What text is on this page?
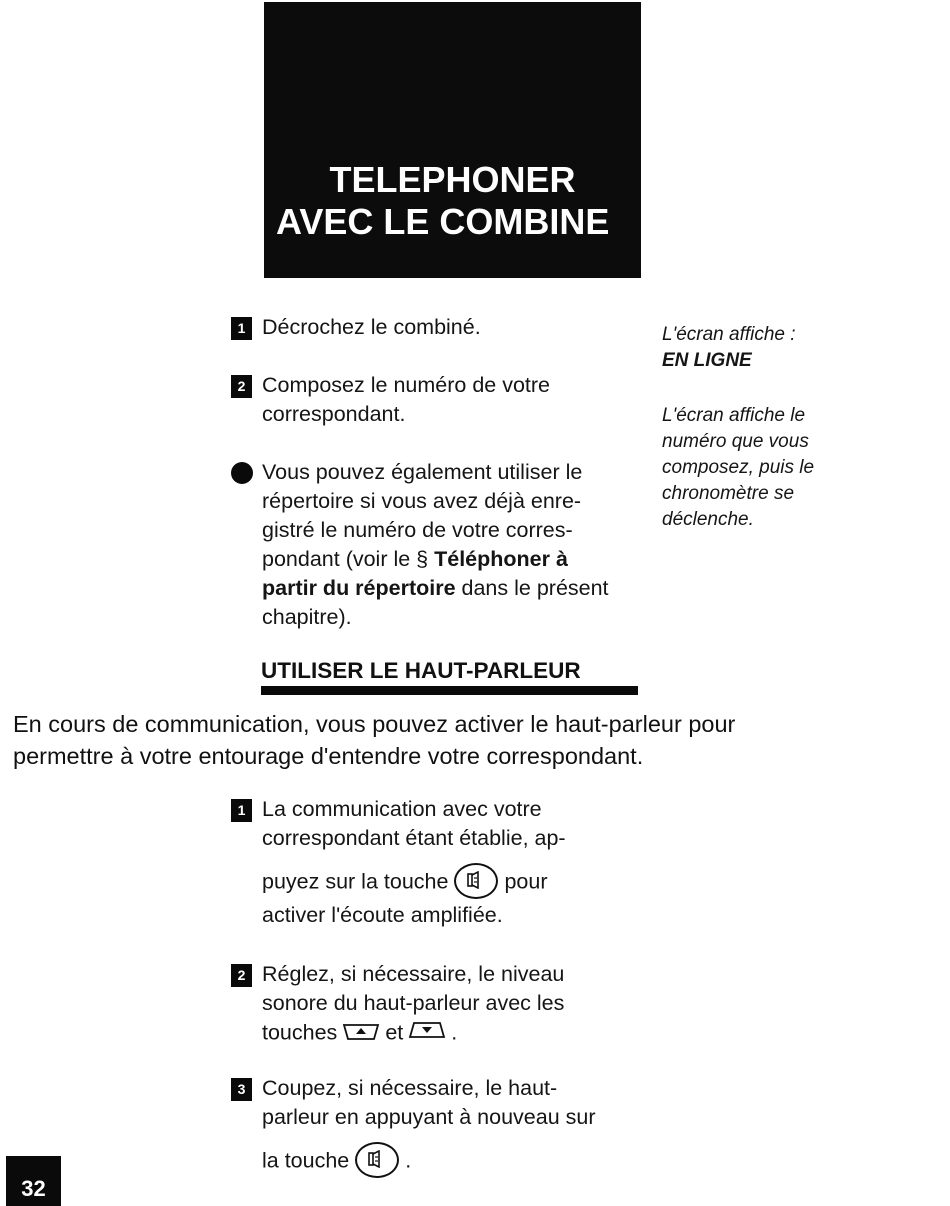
TELEPHONER
AVEC LE COMBINE
1 Décrochez le combiné.

2 Composez le numéro de votre

correspondant.

Vous pouvez également utiliser le

répertoire si vous avez déjà enre-

gistré le numéro de votre corres-

pondant (voir le § Téléphoner à

partir du répertoire dans le présent

chapitre).

L'écran affiche :
EN LIGNE
L'écran affiche le
numéro que vous
composez, puis le
chronomètre se
déclenche.
UTILISER LE HAUT-PARLEUR

En cours de communication, vous pouvez activer le haut-parleur pour

permettre à votre entourage d'entendre votre correspondant.

1 La communication avec votre

correspondant étant établie, ap-

puyez sur la touche	pour

activer l'écoute amplifiée.

2 Réglez, si nécessaire, le niveau

sonore du haut-parleur avec les

touches et .

3 Coupez, si nécessaire, le haut-

parleur en appuyant à nouveau sur

la touche	.

32
